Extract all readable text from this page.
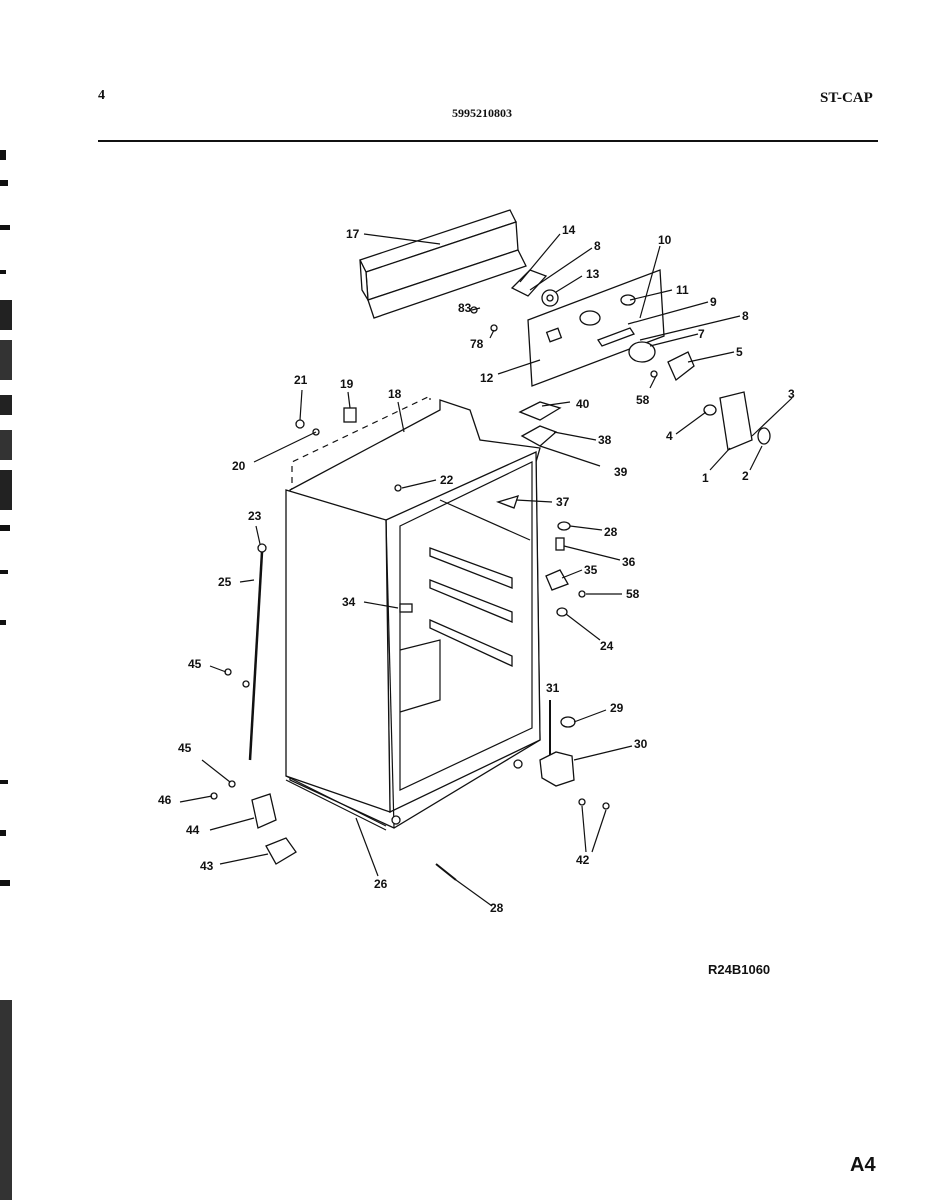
4
5995210803
ST-CAP
17	14
8
13
10
11
9
83
78
12
8
7
5
58	3
4
1	2
21	19
18
40
38
39
20
22
37
28
36
35
58
24
23
25
34
45
31
29
30
45
46
44
42
43
26
28
R24B1060
A4
